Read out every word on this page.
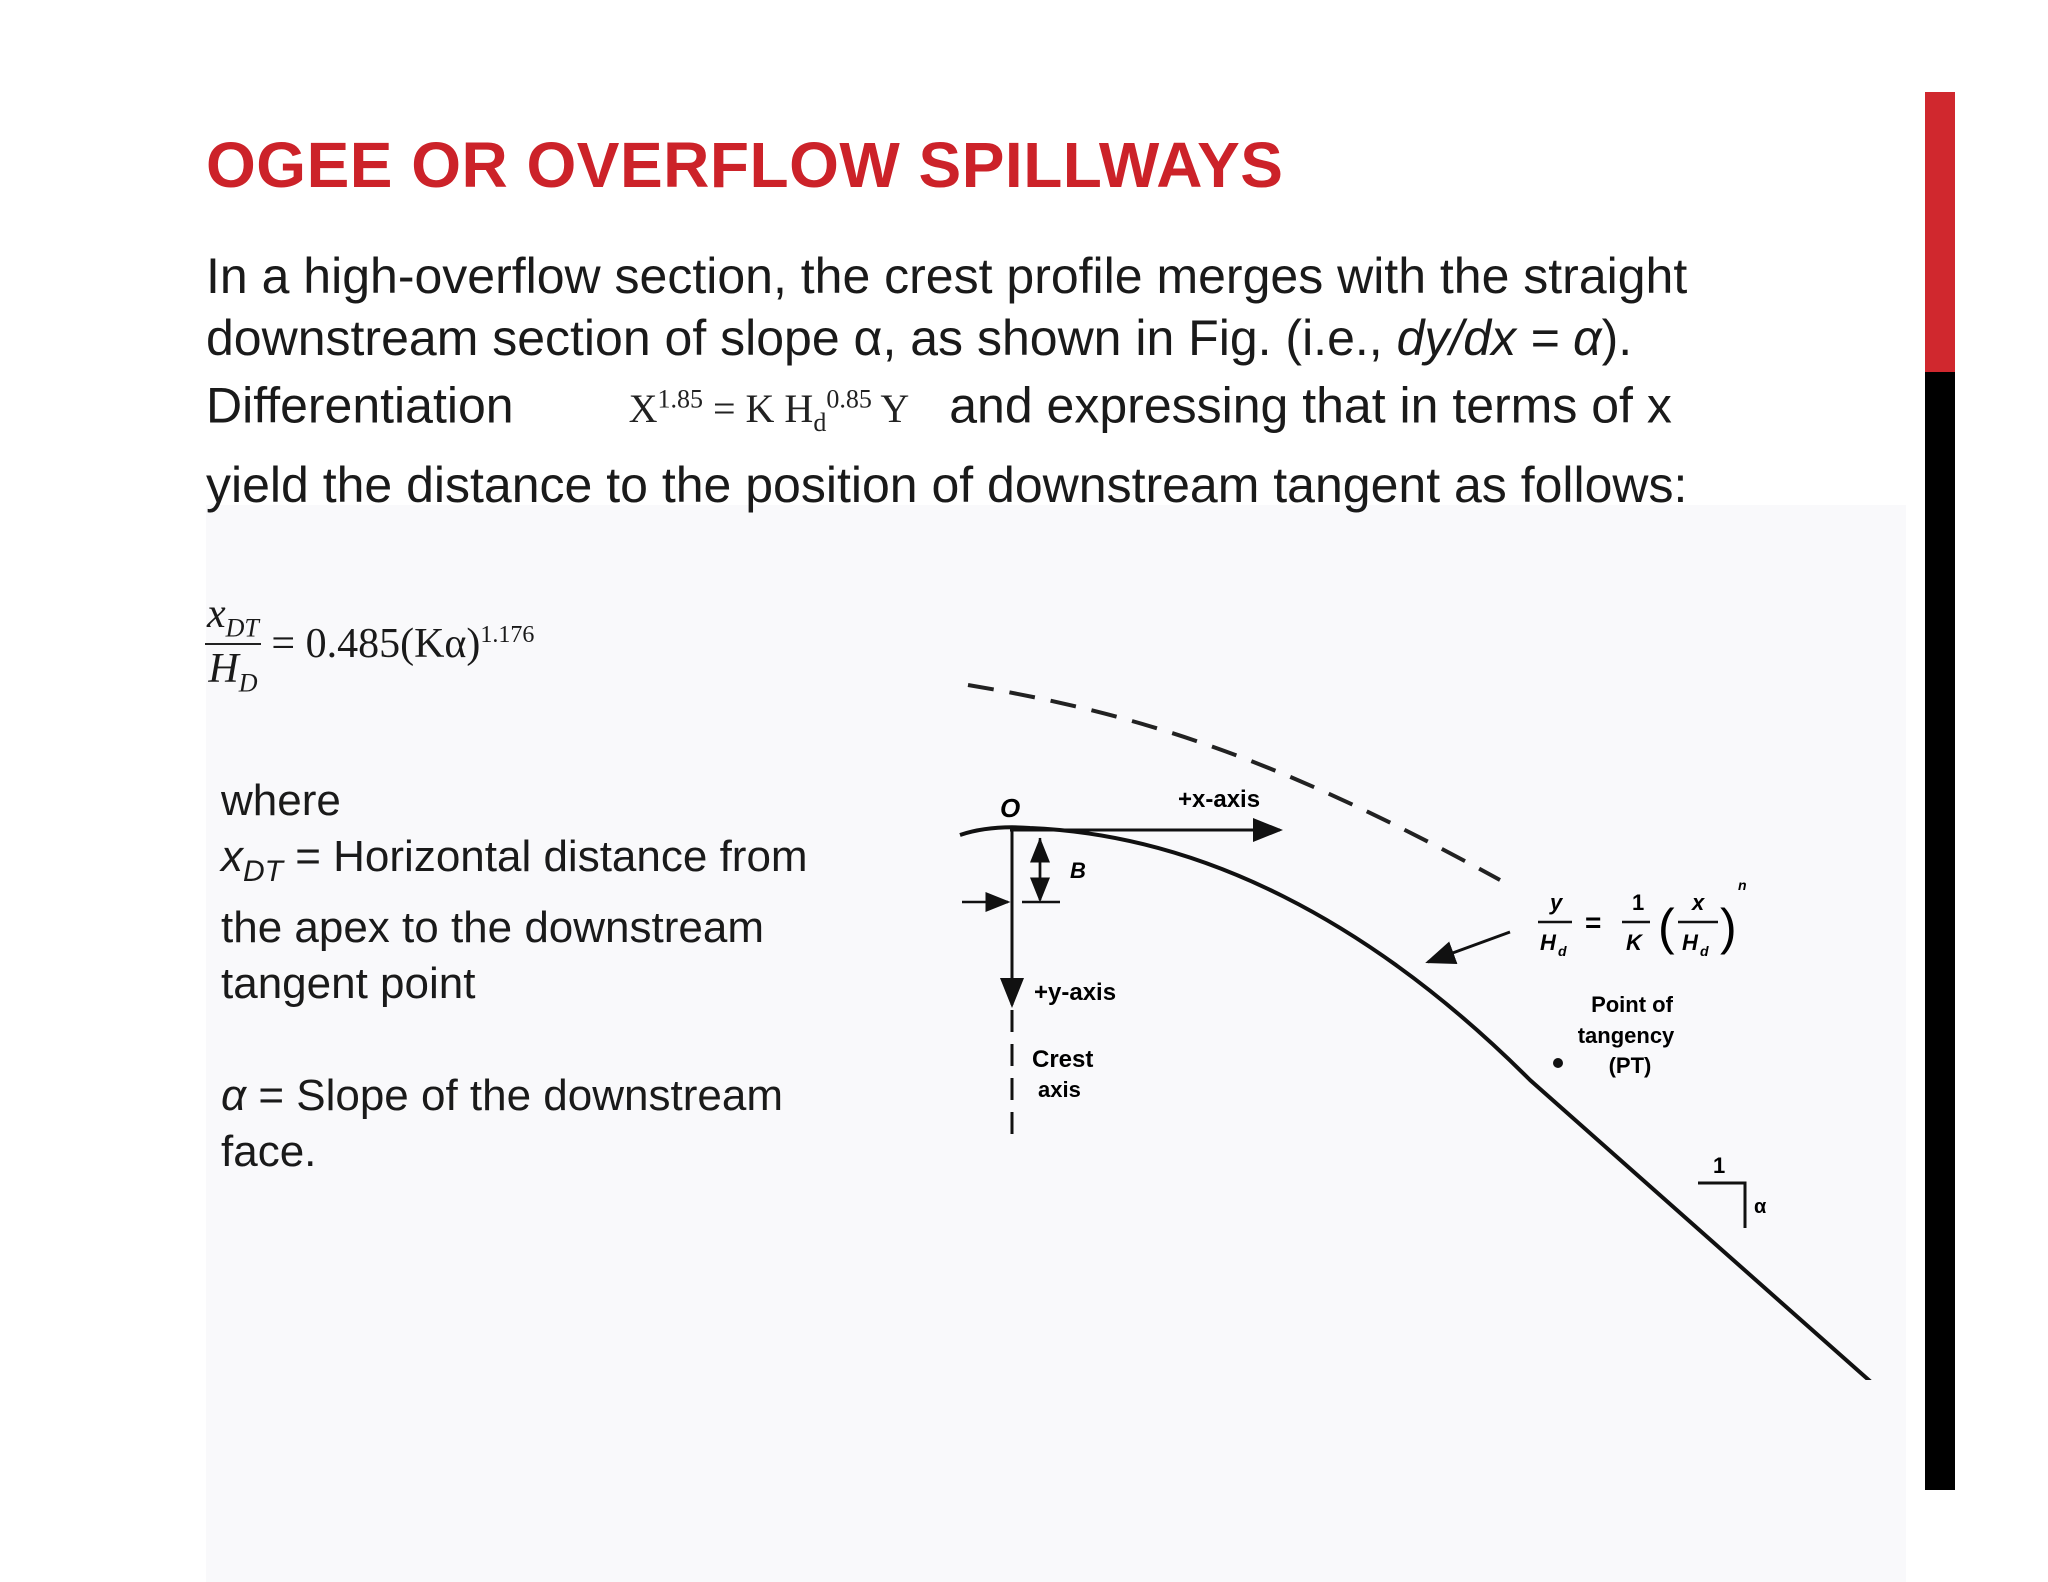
OGEE OR OVERFLOW SPILLWAYS
In a high-overflow section, the crest profile merges with the straight
downstream section of slope α, as shown in Fig. (i.e., dy/dx = α).
Differentiation	$X^{1.85} = K$ $H_d^{0.85}$ Y and expressing that in terms of x
yield the distance to the position of downstream tangent as follows:
$\frac{x_{DT}}{H_D} = 0.485(K\alpha)^{1.176}$

where

$x_{DT}$ = Horizontal distance from the apex to the downstream tangent point

α = Slope of the downstream face.

O	+x-axis
B
+y-axis
Crest
axis
y
H d
=
1
K ( x
H d )
n
Point of
tangency
(PT)
1
α
